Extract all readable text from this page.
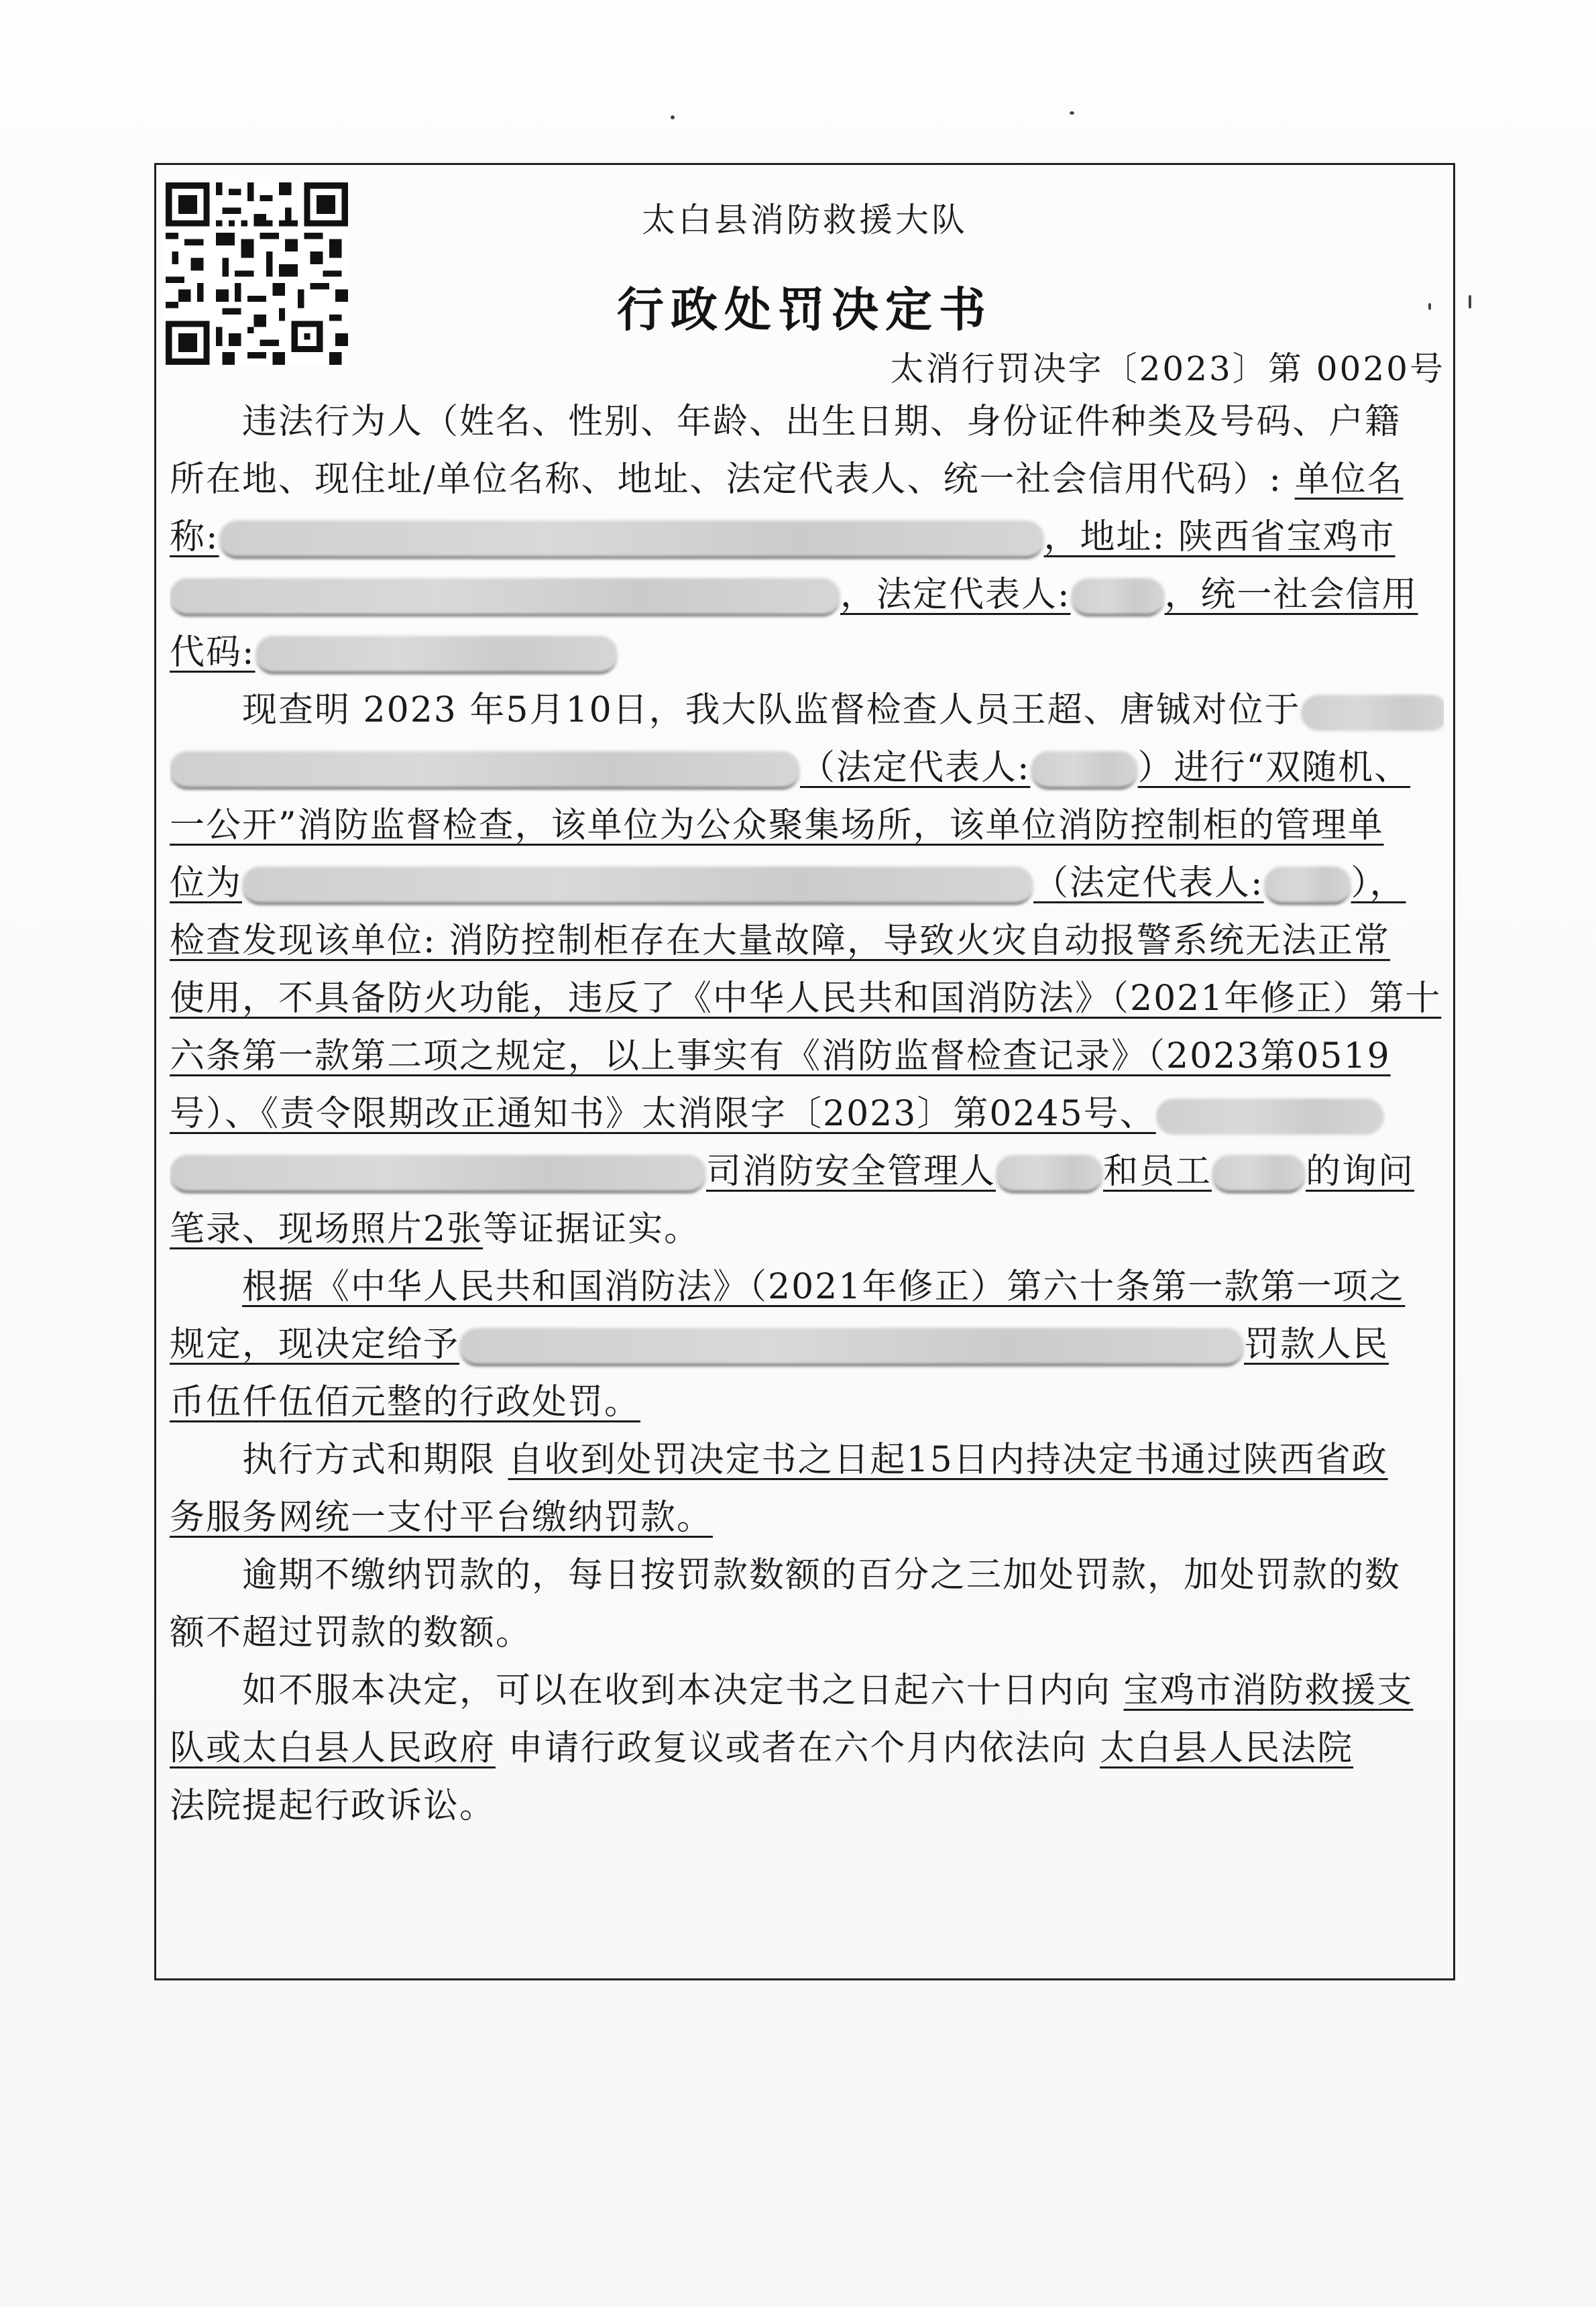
太白县消防救援大队
行政处罚决定书
太消行罚决字〔2023〕第 0020号
违法行为人（姓名、性别、年龄、出生日期、身份证件种类及号码、户籍
所在地、现住址/单位名称、地址、法定代表人、统一社会信用代码）: 单位名
称:	，地址: 陕西省宝鸡市
，法定代表人:	，统一社会信用
代码:
现查明 2023 年5月10日，我大队监督检查人员王超、唐铖对位于
（法定代表人:	）进行“双随机、
一公开”消防监督检查，该单位为公众聚集场所，该单位消防控制柜的管理单
位为	（法定代表人:	），
检查发现该单位: 消防控制柜存在大量故障，导致火灾自动报警系统无法正常
使用，不具备防火功能，违反了《中华人民共和国消防法》（2021年修正）第十
六条第一款第二项之规定，以上事实有《消防监督检查记录》（2023第0519
号）、《责令限期改正通知书》太消限字〔2023〕第0245号、
司消防安全管理人	和员工	的询问
笔录、现场照片2张等证据证实。
根据《中华人民共和国消防法》（2021年修正）第六十条第一款第一项之
规定，现决定给予	罚款人民
币伍仟伍佰元整的行政处罚。
执行方式和期限 自收到处罚决定书之日起15日内持决定书通过陕西省政
务服务网统一支付平台缴纳罚款。
逾期不缴纳罚款的，每日按罚款数额的百分之三加处罚款，加处罚款的数
额不超过罚款的数额。
如不服本决定，可以在收到本决定书之日起六十日内向 宝鸡市消防救援支
队或太白县人民政府 申请行政复议或者在六个月内依法向 太白县人民法院
法院提起行政诉讼。
